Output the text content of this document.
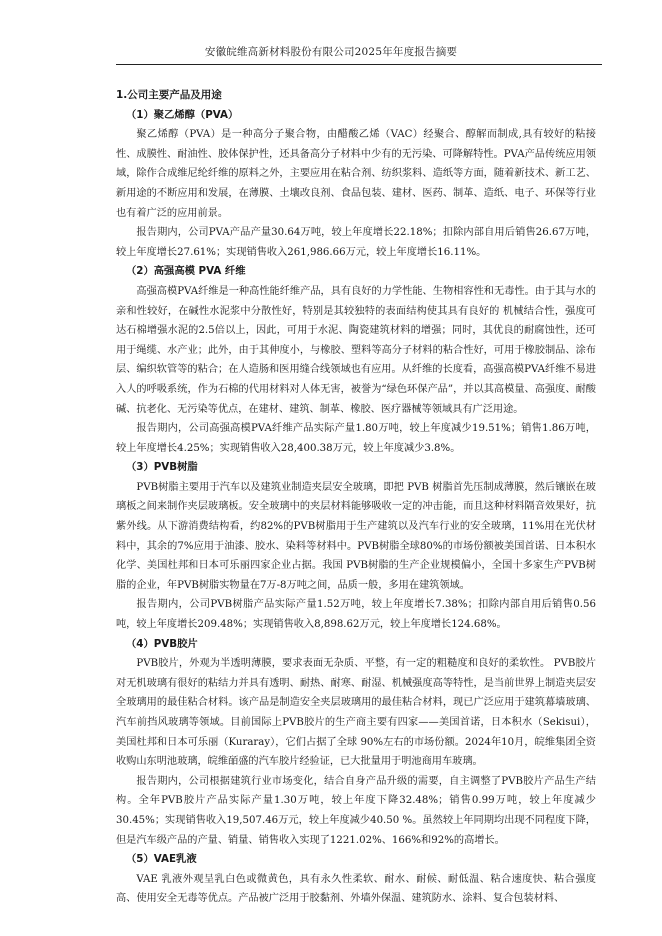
安徽皖维高新材料股份有限公司2025年年度报告摘要
1.公司主要产品及用途
（1）聚乙烯醇（PVA）

聚乙烯醇（PVA）是一种高分子聚合物，由醋酸乙烯（VAC）经聚合、醇解而制成,具有较好的粘接性、成膜性、耐油性、胶体保护性，还具备高分子材料中少有的无污染、可降解特性。PVA产品传统应用领域，除作合成维尼纶纤维的原料之外，主要应用在粘合剂、纺织浆料、造纸等方面，随着新技术、新工艺、新用途的不断应用和发展，在薄膜、土壤改良剂、食品包装、建材、医药、制革、造纸、电子、环保等行业也有着广泛的应用前景。

报告期内，公司PVA产品产量30.64万吨，较上年度增长22.18%；扣除内部自用后销售26.67万吨，较上年度增长27.61%；实现销售收入261,986.66万元，较上年度增长16.11%。

（2）高强高模 PVA 纤维

高强高模PVA纤维是一种高性能纤维产品，具有良好的力学性能、生物相容性和无毒性。由于其与水的亲和性较好，在碱性水泥浆中分散性好，特别是其较独特的表面结构使其具有良好的 机械结合性，强度可达石棉增强水泥的2.5倍以上，因此，可用于水泥、陶瓷建筑材料的增强；同时，其优良的耐腐蚀性，还可用于绳缆、水产业；此外，由于其伸度小，与橡胶、塑料等高分子材料的粘合性好，可用于橡胶制品、涂布层、编织软管等的粘合；在人造肠和医用缝合线领域也有应用。从纤维的长度看，高强高模PVA纤维不易进入人的呼吸系统，作为石棉的代用材料对人体无害，被誉为“绿色环保产品”，并以其高模量、高强度、耐酸碱、抗老化、无污染等优点，在建材、建筑、制革、橡胶、医疗器械等领域具有广泛用途。

报告期内，公司高强高模PVA纤维产品实际产量1.80万吨，较上年度减少19.51%；销售1.86万吨，较上年度增长4.25%；实现销售收入28,400.38万元，较上年度减少3.8%。

（3）PVB树脂

PVB树脂主要用于汽车以及建筑业制造夹层安全玻璃，即把 PVB 树脂首先压制成薄膜，然后镶嵌在玻璃板之间来制作夹层玻璃板。安全玻璃中的夹层材料能够吸收一定的冲击能，而且这种材料隔音效果好，抗紫外线。从下游消费结构看，约82%的PVB树脂用于生产建筑以及汽车行业的安全玻璃，11%用在光伏材料中，其余的7%应用于油漆、胶水、染料等材料中。PVB树脂全球80%的市场份额被美国首诺、日本积水化学、美国杜邦和日本可乐丽四家企业占据。我国 PVB树脂的生产企业规模偏小，全国十多家生产PVB树脂的企业，年PVB树脂实物量在7万-8万吨之间，品质一般，多用在建筑领域。

报告期内，公司PVB树脂产品实际产量1.52万吨，较上年度增长7.38%；扣除内部自用后销售0.56吨，较上年度增长209.48%；实现销售收入8,898.62万元，较上年度增长124.68%。

（4）PVB胶片

PVB胶片，外观为半透明薄膜，要求表面无杂质、平整，有一定的粗糙度和良好的柔软性。 PVB胶片对无机玻璃有很好的粘结力并具有透明、耐热、耐寒、耐湿、机械强度高等特性，是当前世界上制造夹层安全玻璃用的最佳粘合材料。该产品是制造安全夹层玻璃用的最佳粘合材料，现已广泛应用于建筑幕墙玻璃、汽车前挡风玻璃等领域。目前国际上PVB胶片的生产商主要有四家——美国首诺，日本积水（Sekisui），美国杜邦和日本可乐丽（Kuraray），它们占据了全球 90%左右的市场份额。2024年10月，皖维集团全资收购山东明池玻璃，皖维皕盛的汽车胶片经验证，已大批量用于明池商用车玻璃。

报告期内，公司根据建筑行业市场变化，结合自身产品升级的需要，自主调整了PVB胶片产品生产结构。全年PVB胶片产品实际产量1.30万吨，较上年度下降32.48%；销售0.99万吨，较上年度减少30.45%；实现销售收入19,507.46万元，较上年度减少40.50 %。虽然较上年同期均出现不同程度下降，但是汽车级产品的产量、销量、销售收入实现了1221.02%、166%和92%的高增长。

（5）VAE乳液

VAE 乳液外观呈乳白色或微黄色，具有永久性柔软、耐水、耐候、耐低温、粘合速度快、粘合强度高、使用安全无毒等优点。产品被广泛用于胶黏剂、外墙外保温、建筑防水、涂料、复合包装材料、
